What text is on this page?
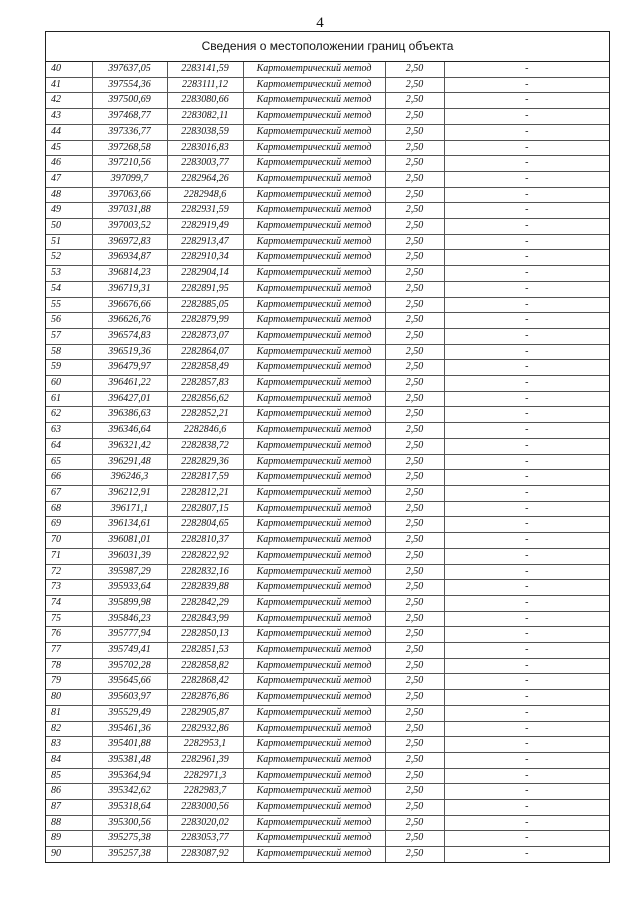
4
Сведения о местоположении границ объекта
40	397637,05	2283141,59	Картометрический метод	2,50	-
41	397554,36	2283111,12	Картометрический метод	2,50	-
42	397500,69	2283080,66	Картометрический метод	2,50	-
43	397468,77	2283082,11	Картометрический метод	2,50	-
44	397336,77	2283038,59	Картометрический метод	2,50	-
45	397268,58	2283016,83	Картометрический метод	2,50	-
46	397210,56	2283003,77	Картометрический метод	2,50	-
47	397099,7	2282964,26	Картометрический метод	2,50	-
48	397063,66	2282948,6	Картометрический метод	2,50	-
49	397031,88	2282931,59	Картометрический метод	2,50	-
50	397003,52	2282919,49	Картометрический метод	2,50	-
51	396972,83	2282913,47	Картометрический метод	2,50	-
52	396934,87	2282910,34	Картометрический метод	2,50	-
53	396814,23	2282904,14	Картометрический метод	2,50	-
54	396719,31	2282891,95	Картометрический метод	2,50	-
55	396676,66	2282885,05	Картометрический метод	2,50	-
56	396626,76	2282879,99	Картометрический метод	2,50	-
57	396574,83	2282873,07	Картометрический метод	2,50	-
58	396519,36	2282864,07	Картометрический метод	2,50	-
59	396479,97	2282858,49	Картометрический метод	2,50	-
60	396461,22	2282857,83	Картометрический метод	2,50	-
61	396427,01	2282856,62	Картометрический метод	2,50	-
62	396386,63	2282852,21	Картометрический метод	2,50	-
63	396346,64	2282846,6	Картометрический метод	2,50	-
64	396321,42	2282838,72	Картометрический метод	2,50	-
65	396291,48	2282829,36	Картометрический метод	2,50	-
66	396246,3	2282817,59	Картометрический метод	2,50	-
67	396212,91	2282812,21	Картометрический метод	2,50	-
68	396171,1	2282807,15	Картометрический метод	2,50	-
69	396134,61	2282804,65	Картометрический метод	2,50	-
70	396081,01	2282810,37	Картометрический метод	2,50	-
71	396031,39	2282822,92	Картометрический метод	2,50	-
72	395987,29	2282832,16	Картометрический метод	2,50	-
73	395933,64	2282839,88	Картометрический метод	2,50	-
74	395899,98	2282842,29	Картометрический метод	2,50	-
75	395846,23	2282843,99	Картометрический метод	2,50	-
76	395777,94	2282850,13	Картометрический метод	2,50	-
77	395749,41	2282851,53	Картометрический метод	2,50	-
78	395702,28	2282858,82	Картометрический метод	2,50	-
79	395645,66	2282868,42	Картометрический метод	2,50	-
80	395603,97	2282876,86	Картометрический метод	2,50	-
81	395529,49	2282905,87	Картометрический метод	2,50	-
82	395461,36	2282932,86	Картометрический метод	2,50	-
83	395401,88	2282953,1	Картометрический метод	2,50	-
84	395381,48	2282961,39	Картометрический метод	2,50	-
85	395364,94	2282971,3	Картометрический метод	2,50	-
86	395342,62	2282983,7	Картометрический метод	2,50	-
87	395318,64	2283000,56	Картометрический метод	2,50	-
88	395300,56	2283020,02	Картометрический метод	2,50	-
89	395275,38	2283053,77	Картометрический метод	2,50	-
90	395257,38	2283087,92	Картометрический метод	2,50	-
